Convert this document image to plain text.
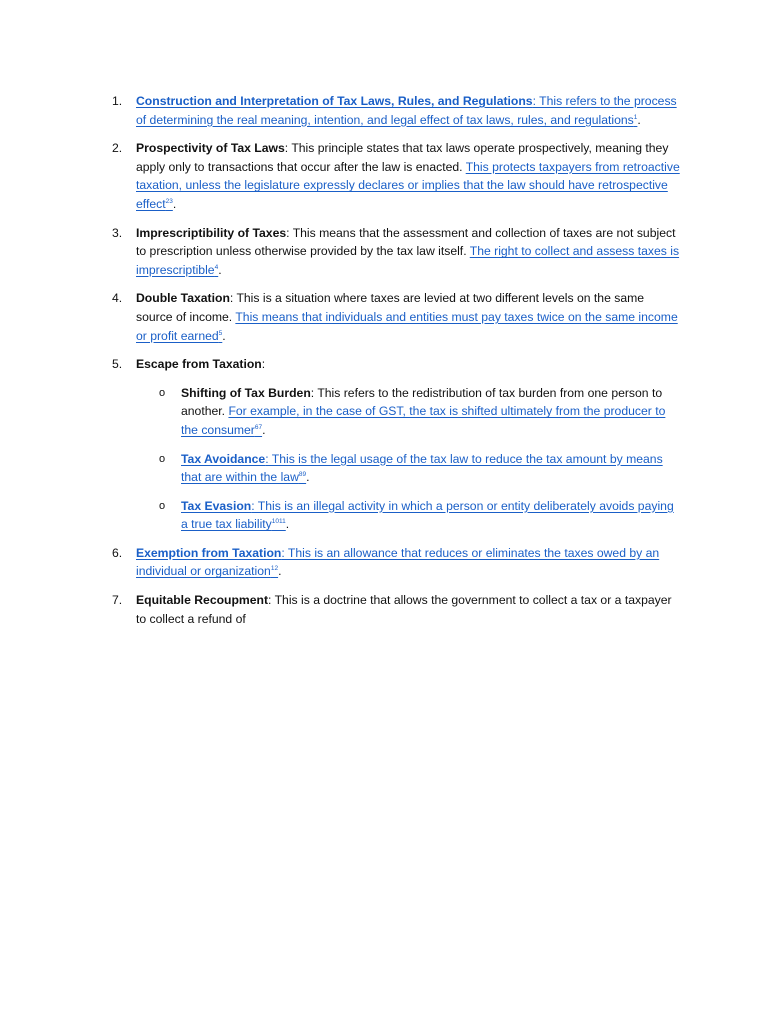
1.	Construction and Interpretation of Tax Laws, Rules, and Regulations: This refers to the process of determining the real meaning, intention, and legal effect of tax laws, rules, and regulations$^1$.
2.	Prospectivity of Tax Laws: This principle states that tax laws operate prospectively, meaning they apply only to transactions that occur after the law is enacted. This protects taxpayers from retroactive taxation, unless the legislature expressly declares or implies that the law should have retrospective effect$^{23}$.
3.	Imprescriptibility of Taxes: This means that the assessment and collection of taxes are not subject to prescription unless otherwise provided by the tax law itself. The right to collect and assess taxes is imprescriptible$^4$.
4.	Double Taxation: This is a situation where taxes are levied at two different levels on the same source of income. This means that individuals and entities must pay taxes twice on the same income or profit earned$^5$.
5.	Escape from Taxation:
o Shifting of Tax Burden: This refers to the redistribution of tax burden from one person to another. For example, in the case of GST, the tax is shifted ultimately from the producer to the consumer$^{67}$.
o Tax Avoidance: This is the legal usage of the tax law to reduce the tax amount by means that are within the law$^{89}$.
o Tax Evasion: This is an illegal activity in which a person or entity deliberately avoids paying a true tax liability$^{1011}$.
6.	Exemption from Taxation: This is an allowance that reduces or eliminates the taxes owed by an individual or organization$^{12}$.
7.	Equitable Recoupment: This is a doctrine that allows the government to collect a tax or a taxpayer to collect a refund of
